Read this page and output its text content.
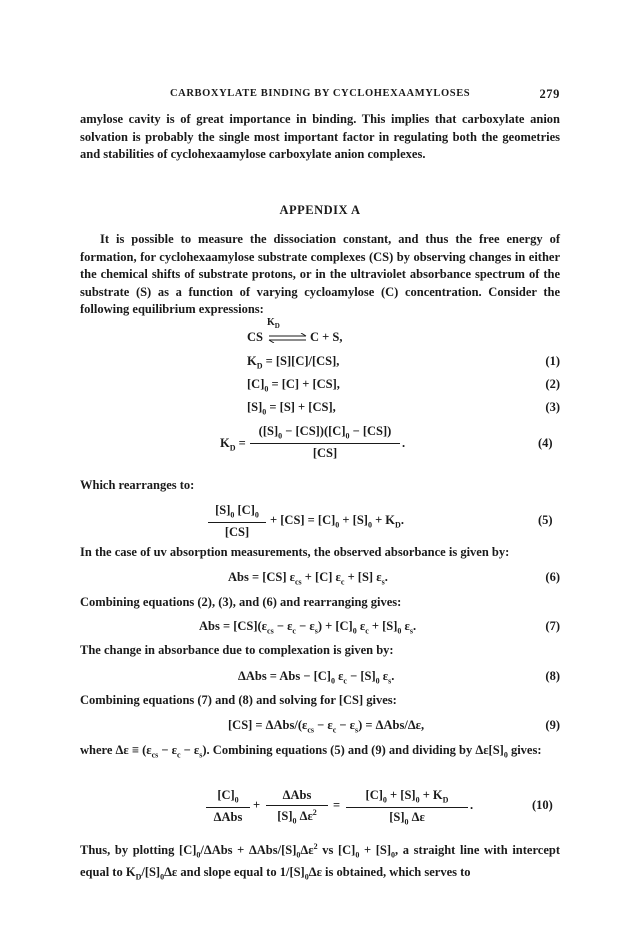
CARBOXYLATE BINDING BY CYCLOHEXAAMYLOSES	279
amylose cavity is of great importance in binding. This implies that carboxylate anion solvation is probably the single most important factor in regulating both the geometries and stabilities of cyclohexaamylose carboxylate anion complexes.
APPENDIX A
It is possible to measure the dissociation constant, and thus the free energy of formation, for cyclohexaamylose substrate complexes (CS) by observing changes in either the chemical shifts of substrate protons, or in the ultraviolet absorbance spectrum of the substrate (S) as a function of varying cycloamylose (C) concentration. Consider the following equilibrium expressions:
$K_D$
CS ⇌ C + S,
$K_D = [S][C]/[CS]$,	(1)
$[C]_0 = [C] + [CS]$,	(2)
$[S]_0 = [S] + [CS]$,	(3)
$K_D = \frac{([S]_0 - [CS])([C]_0 - [CS])}{[CS]}$ .	(4)
Which rearranges to:
$\frac{[S]_0 [C]_0}{[CS]} + [CS] = [C]_0 + [S]_0 + K_D$.	(5)
In the case of uv absorption measurements, the observed absorbance is given by:
Abs = [CS] $\varepsilon_{cs} + [C] \varepsilon_c + [S]$ $\varepsilon_s$.	(6)
Combining equations (2), (3), and (6) and rearranging gives:
Abs = $[CS](\varepsilon_{cs} - \varepsilon_c - \varepsilon_s) + [C]_0$ $\varepsilon_c + [S]_0$ $\varepsilon_s$.	(7)
The change in absorbance due to complexation is given by:
ΔAbs = Abs − $[C]_0$ $\varepsilon_c - [S]_0$ $\varepsilon_s$.	(8)
Combining equations (7) and (8) and solving for [CS] gives:
[CS] = ΔAbs/$(\varepsilon_{cs} - \varepsilon_c - \varepsilon_s) = \Delta Abs/\Delta\varepsilon$,	(9)
where $\Delta\varepsilon \equiv (\varepsilon_{cs} - \varepsilon_c - \varepsilon_s)$. Combining equations (5) and (9) and dividing by $\Delta\varepsilon[S]_0$ gives:
$[C]_0$
ΔAbs
+
ΔAbs
$[S]_0$ $\Delta\varepsilon^2$
= $\frac{[C]_0 + [S]_0 + K_D}{[S]_0 \Delta\varepsilon}$ .	(10)
Thus, by plotting $[C]_0$/ΔAbs + ΔAbs/$[S]_0\Delta\varepsilon^2$ vs $[C]_0 + [S]_0$, a straight line with intercept equal to $K_D/[S]_0\Delta\varepsilon$ and slope equal to $1/[S]_0\Delta\varepsilon$ is obtained, which serves to
